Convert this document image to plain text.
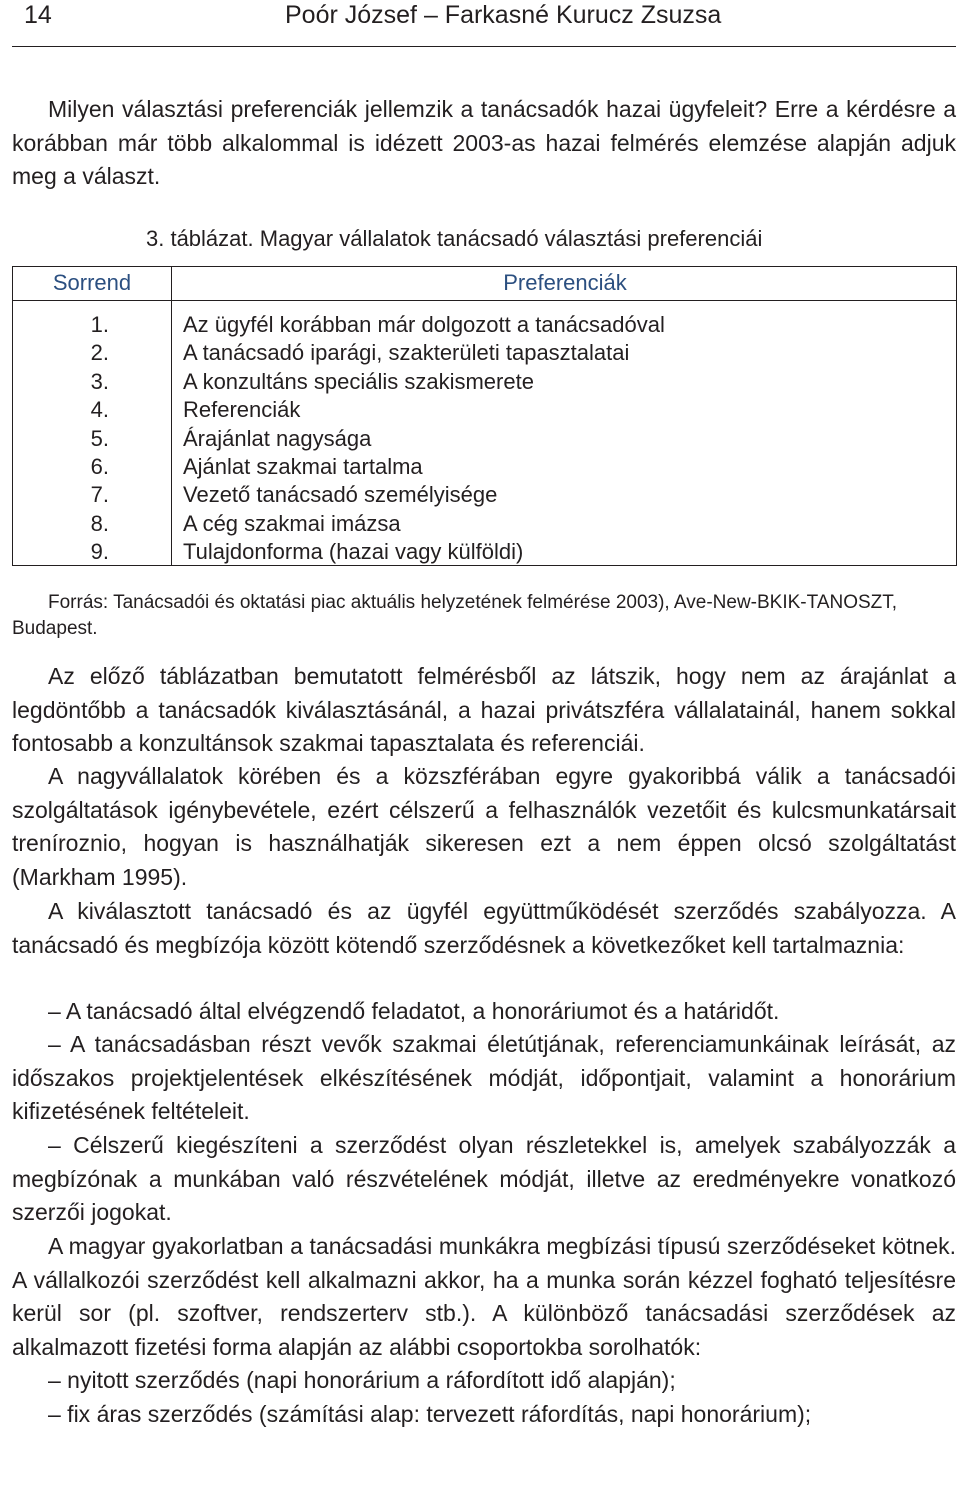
14	Poór József – Farkasné Kurucz Zsuzsa

Milyen választási preferenciák jellemzik a tanácsadók hazai ügyfeleit? Erre a kérdésre a korábban már több alkalommal is idézett 2003-as hazai felmérés elemzése alapján adjuk meg a választ.

3. táblázat. Magyar vállalatok tanácsadó választási preferenciái
Sorrend	Preferenciák
1.	Az ügyfél korábban már dolgozott a tanácsadóval
2.	A tanácsadó iparági, szakterületi tapasztalatai
3.	A konzultáns speciális szakismerete
4.	Referenciák
5.	Árajánlat nagysága
6.	Ajánlat szakmai tartalma
7.	Vezető tanácsadó személyisége
8.	A cég szakmai imázsa
9.	Tulajdonforma (hazai vagy külföldi)

Forrás: Tanácsadói és oktatási piac aktuális helyzetének felmérése 2003), Ave-New-BKIK-TANOSZT, Budapest.

Az előző táblázatban bemutatott felmérésből az látszik, hogy nem az árajánlat a legdöntőbb a tanácsadók kiválasztásánál, a hazai privátszféra vállalatainál, hanem sokkal fontosabb a konzultánsok szakmai tapasztalata és referenciái.

A nagyvállalatok körében és a közszférában egyre gyakoribbá válik a tanácsadói szolgáltatások igénybevétele, ezért célszerű a felhasználók vezetőit és kulcsmunkatársait treníroznio, hogyan is használhatják sikeresen ezt a nem éppen olcsó szolgáltatást (Markham 1995).

A kiválasztott tanácsadó és az ügyfél együttműködését szerződés szabályozza. A tanácsadó és megbízója között kötendő szerződésnek a következőket kell tartalmaznia:

– A tanácsadó által elvégzendő feladatot, a honoráriumot és a határidőt.

– A tanácsadásban részt vevők szakmai életútjának, referenciamunkáinak leírását, az időszakos projektjelentések elkészítésének módját, időpontjait, valamint a honorárium kifizetésének feltételeit.

– Célszerű kiegészíteni a szerződést olyan részletekkel is, amelyek szabályozzák a megbízónak a munkában való részvételének módját, illetve az eredményekre vonatkozó szerzői jogokat.

A magyar gyakorlatban a tanácsadási munkákra megbízási típusú szerződéseket kötnek. A vállalkozói szerződést kell alkalmazni akkor, ha a munka során kézzel fogható teljesítésre kerül sor (pl. szoftver, rendszerterv stb.). A különböző tanácsadási szerződések az alkalmazott fizetési forma alapján az alábbi csoportokba sorolhatók:

– nyitott szerződés (napi honorárium a ráfordított idő alapján);

– fix áras szerződés (számítási alap: tervezett ráfordítás, napi honorárium);
